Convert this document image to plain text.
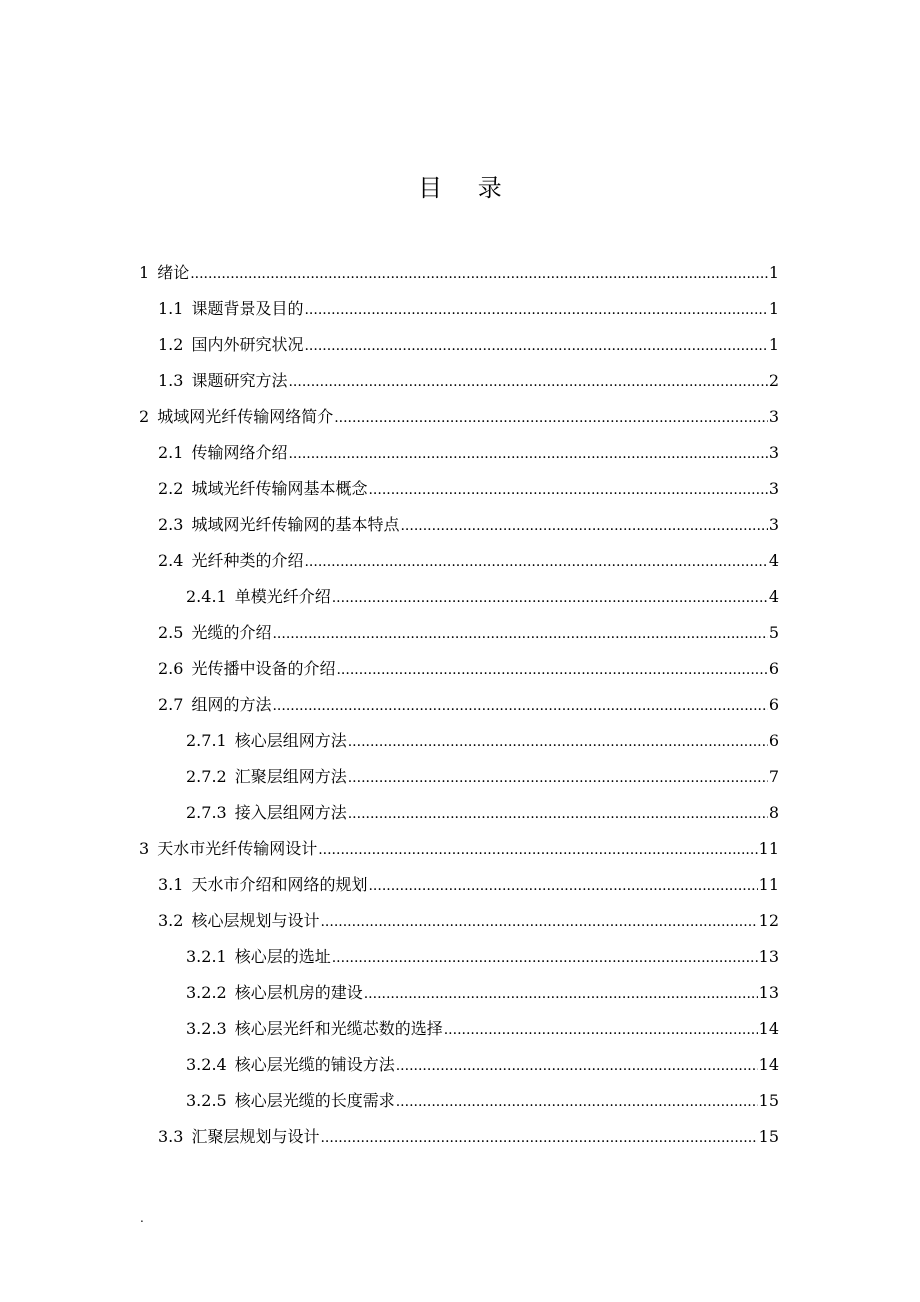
目 录
1 绪论 .....	1
1.1 课题背景及目的 .....	1
1.2 国内外研究状况 .....	1
1.3 课题研究方法 .....	2
2 城域网光纤传输网络简介 .....	3
2.1 传输网络介绍 .....	3
2.2 城域光纤传输网基本概念 .....	3
2.3 城域网光纤传输网的基本特点 .....	3
2.4 光纤种类的介绍 .....	4
2.4.1 单模光纤介绍 .....	4
2.5 光缆的介绍 .....	5
2.6 光传播中设备的介绍 .....	6
2.7 组网的方法 .....	6
2.7.1 核心层组网方法 .....	6
2.7.2 汇聚层组网方法 .....	7
2.7.3 接入层组网方法 .....	8
3 天水市光纤传输网设计 .....	11
3.1 天水市介绍和网络的规划 .....	11
3.2 核心层规划与设计 .....	12
3.2.1 核心层的选址 .....	13
3.2.2 核心层机房的建设 .....	13
3.2.3 核心层光纤和光缆芯数的选择 .....	14
3.2.4 核心层光缆的铺设方法 .....	14
3.2.5 核心层光缆的长度需求 .....	15
3.3 汇聚层规划与设计 .....	15
.
